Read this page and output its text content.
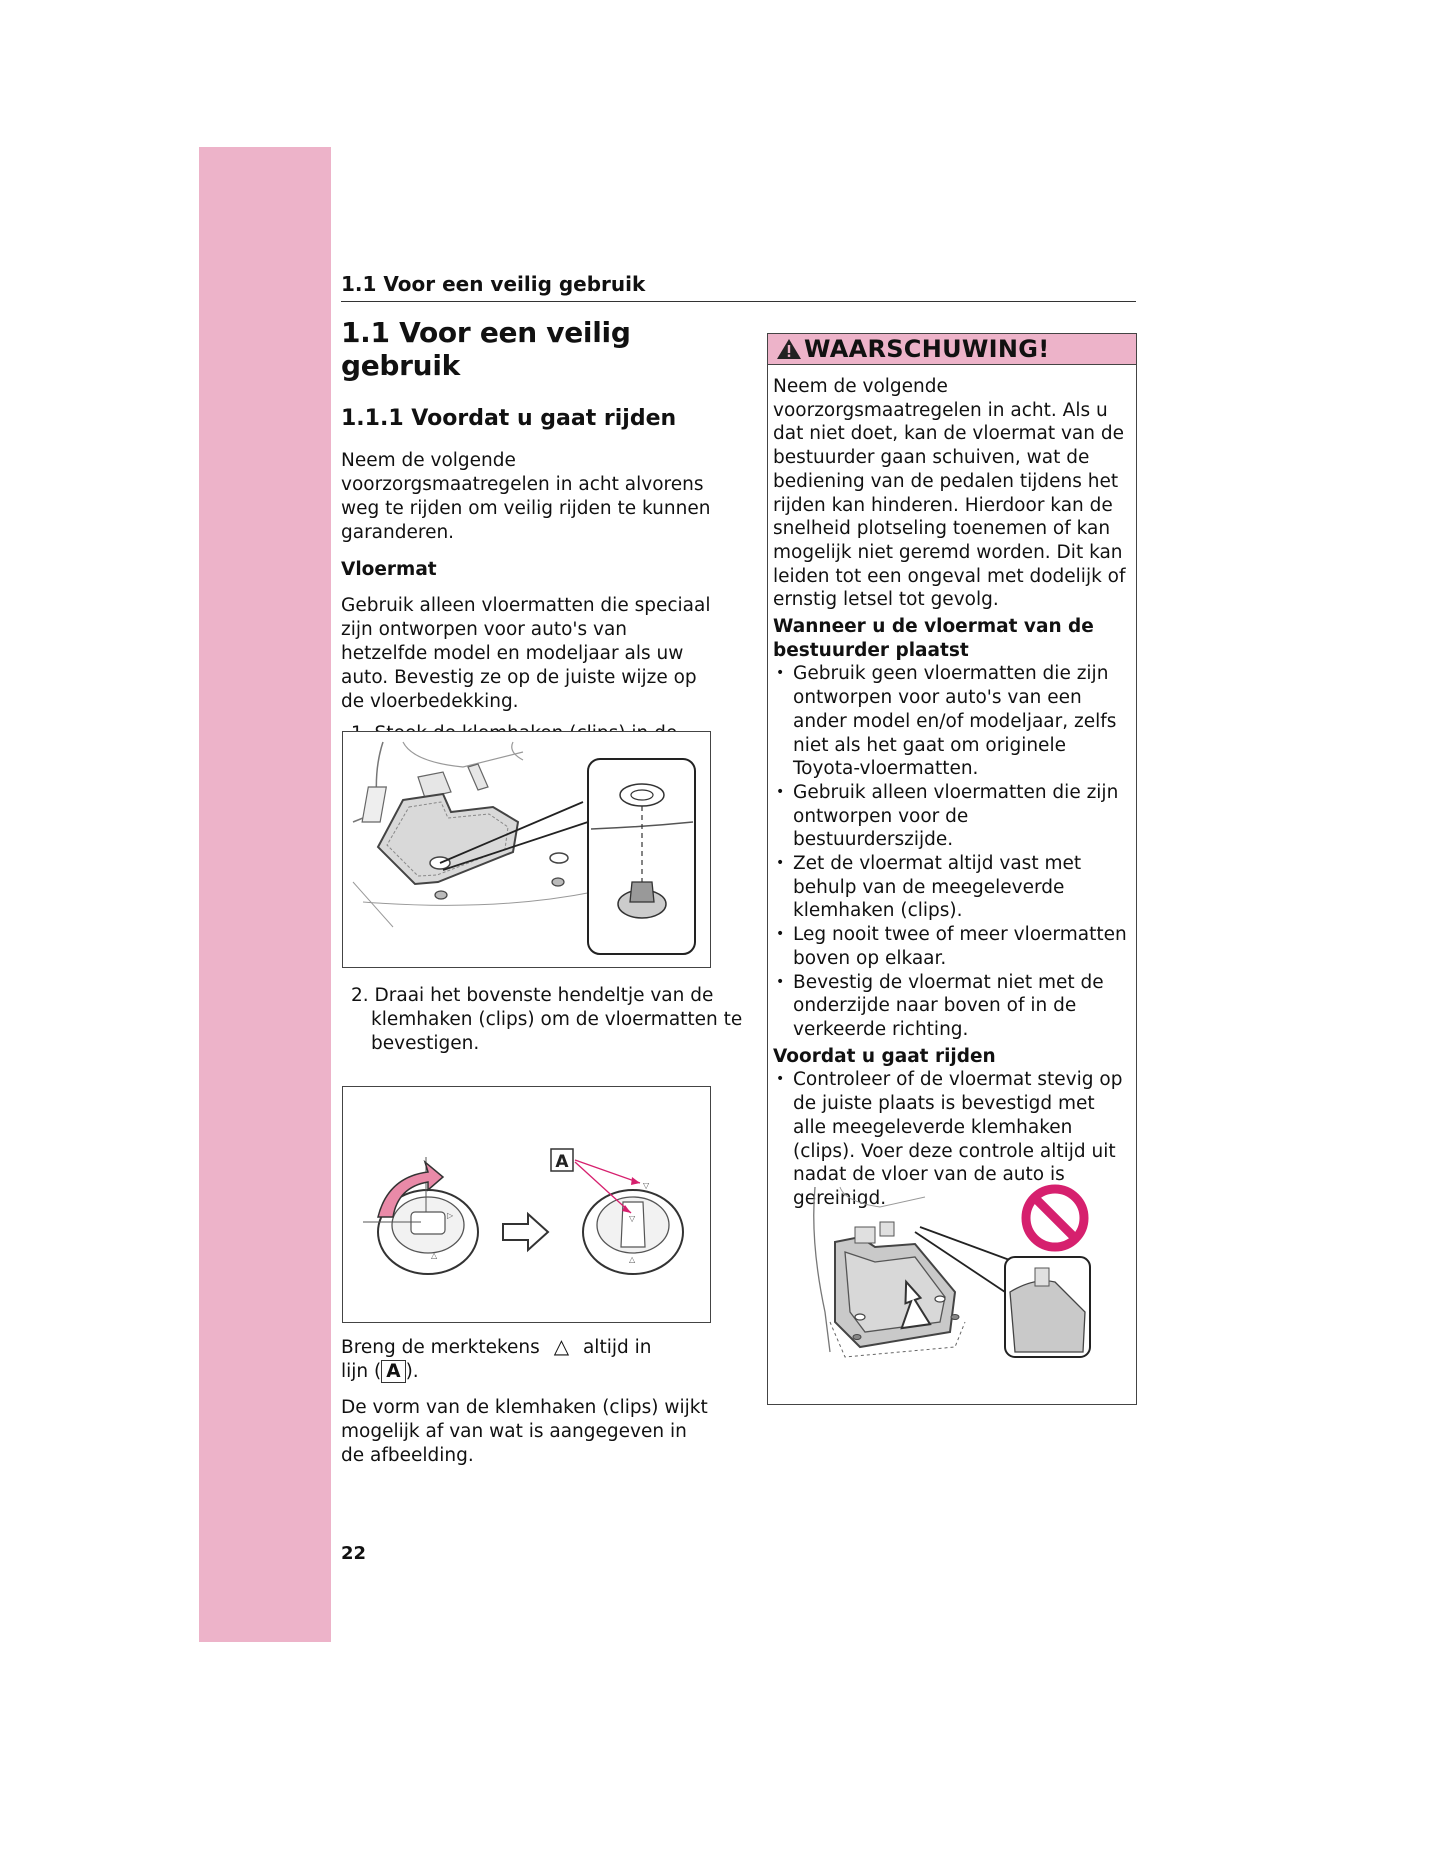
1.1 Voor een veilig gebruik
1.1 Voor een veilig gebruik
1.1.1 Voordat u gaat rijden

Neem de volgende voorzorgsmaatregelen in acht alvorens weg te rijden om veilig rijden te kunnen garanderen.

Vloermat

Gebruik alleen vloermatten die speciaal zijn ontworpen voor auto's van hetzelfde model en modeljaar als uw auto. Bevestig ze op de juiste wijze op de vloerbedekking.

2. Draai het bovenste hendeltje van de klemhaken (clips) om de vloermatten te bevestigen.
△
▷	▽
△
▽
A
Breng de merktekens △ altijd in
lijn ( A ).
De vorm van de klemhaken (clips) wijkt mogelijk af van wat is aangegeven in de afbeelding.
22
WAARSCHUWING!

Neem de volgende voorzorgsmaatregelen in acht. Als u dat niet doet, kan de vloermat van de bestuurder gaan schuiven, wat de bediening van de pedalen tijdens het rijden kan hinderen. Hierdoor kan de snelheid plotseling toenemen of kan mogelijk niet geremd worden. Dit kan leiden tot een ongeval met dodelijk of ernstig letsel tot gevolg.

Wanneer u de vloermat van de bestuurder plaatst

• Gebruik geen vloermatten die zijn ontworpen voor auto's van een ander model en/of modeljaar, zelfs niet als het gaat om originele Toyota-vloermatten.
• Gebruik alleen vloermatten die zijn ontworpen voor de bestuurderszijde.
• Zet de vloermat altijd vast met behulp van de meegeleverde klemhaken (clips).
• Leg nooit twee of meer vloermatten boven op elkaar.
• Bevestig de vloermat niet met de onderzijde naar boven of in de verkeerde richting.

Voordat u gaat rijden

• Controleer of de vloermat stevig op de juiste plaats is bevestigd met alle meegeleverde klemhaken (clips). Voer deze controle altijd uit nadat de vloer van de auto is gereinigd.
